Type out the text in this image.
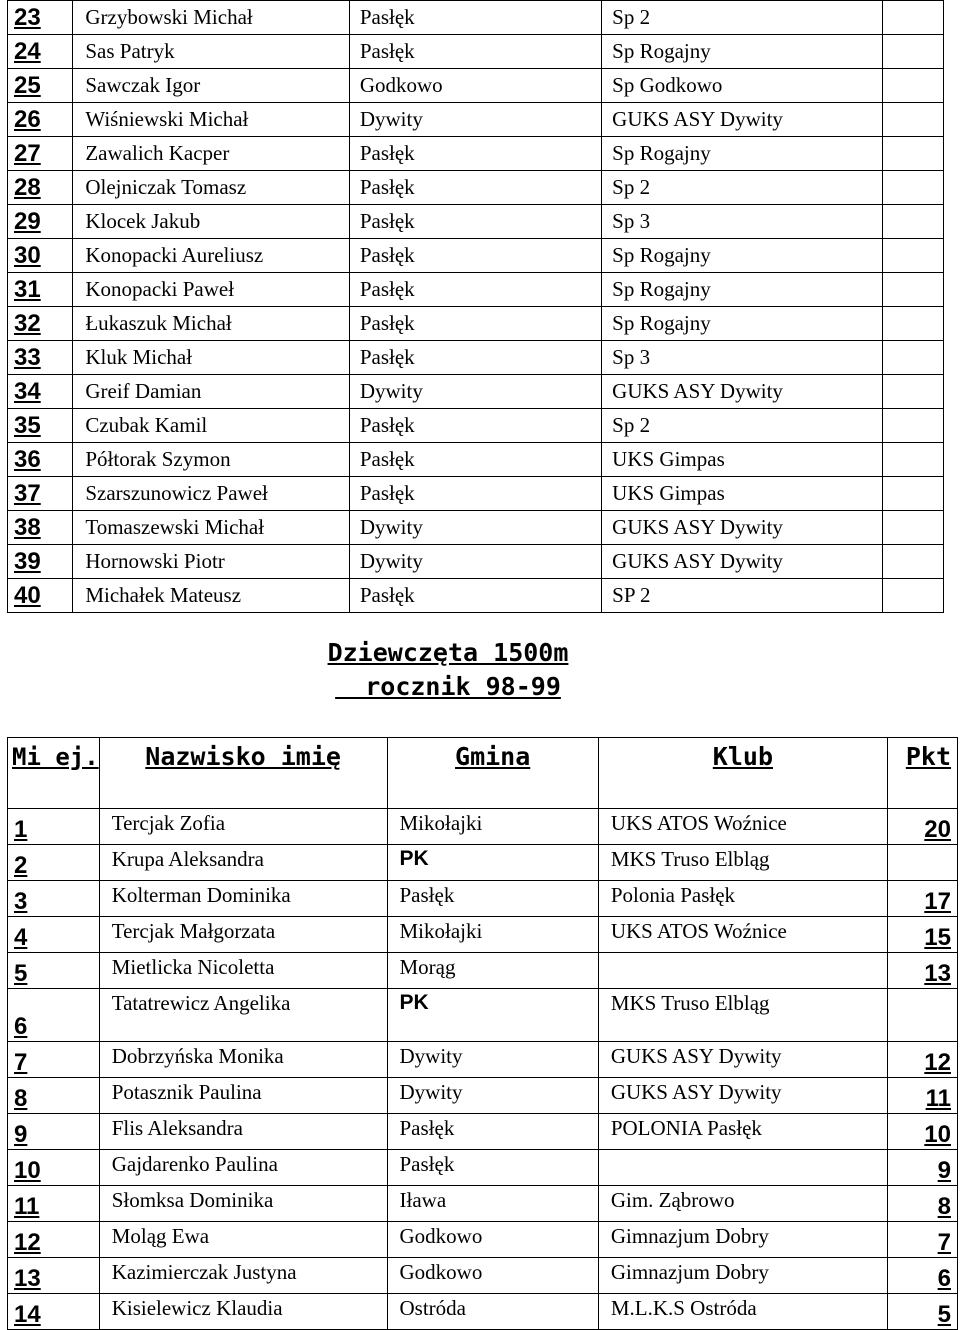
23	Grzybowski Michał	Pasłęk	Sp 2	
24	Sas Patryk	Pasłęk	Sp Rogajny	
25	Sawczak Igor	Godkowo	Sp Godkowo	
26	Wiśniewski Michał	Dywity	GUKS ASY Dywity	
27	Zawalich Kacper	Pasłęk	Sp Rogajny	
28	Olejniczak Tomasz	Pasłęk	Sp 2	
29	Klocek Jakub	Pasłęk	Sp 3	
30	Konopacki Aureliusz	Pasłęk	Sp Rogajny	
31	Konopacki Paweł	Pasłęk	Sp Rogajny	
32	Łukaszuk Michał	Pasłęk	Sp Rogajny	
33	Kluk Michał	Pasłęk	Sp 3	
34	Greif Damian	Dywity	GUKS ASY Dywity	
35	Czubak Kamil	Pasłęk	Sp 2	
36	Półtorak Szymon	Pasłęk	UKS Gimpas	
37	Szarszunowicz Paweł	Pasłęk	UKS Gimpas	
38	Tomaszewski Michał	Dywity	GUKS ASY Dywity	
39	Hornowski Piotr	Dywity	GUKS ASY Dywity	
40	Michałek Mateusz	Pasłęk	SP 2	
Dziewczęta 1500m
rocznik 98-99
Mi ej.	Nazwisko imię	Gmina	Klub	Pkt
1	Tercjak Zofia	Mikołajki	UKS ATOS Woźnice	20
2	Krupa Aleksandra	PK	MKS Truso Elbląg	
3	Kolterman Dominika	Pasłęk	Polonia Pasłęk	17
4	Tercjak Małgorzata	Mikołajki	UKS ATOS Woźnice	15
5	Mietlicka Nicoletta	Morąg		13
6	Tatatrewicz Angelika	PK	MKS Truso Elbląg	
7	Dobrzyńska Monika	Dywity	GUKS ASY Dywity	12
8	Potasznik Paulina	Dywity	GUKS ASY Dywity	11
9	Flis Aleksandra	Pasłęk	POLONIA Pasłęk	10
10	Gajdarenko Paulina	Pasłęk		9
11	Słomksa Dominika	Iława	Gim. Ząbrowo	8
12	Moląg Ewa	Godkowo	Gimnazjum Dobry	7
13	Kazimierczak Justyna	Godkowo	Gimnazjum Dobry	6
14	Kisielewicz Klaudia	Ostróda	M.L.K.S Ostróda	5
